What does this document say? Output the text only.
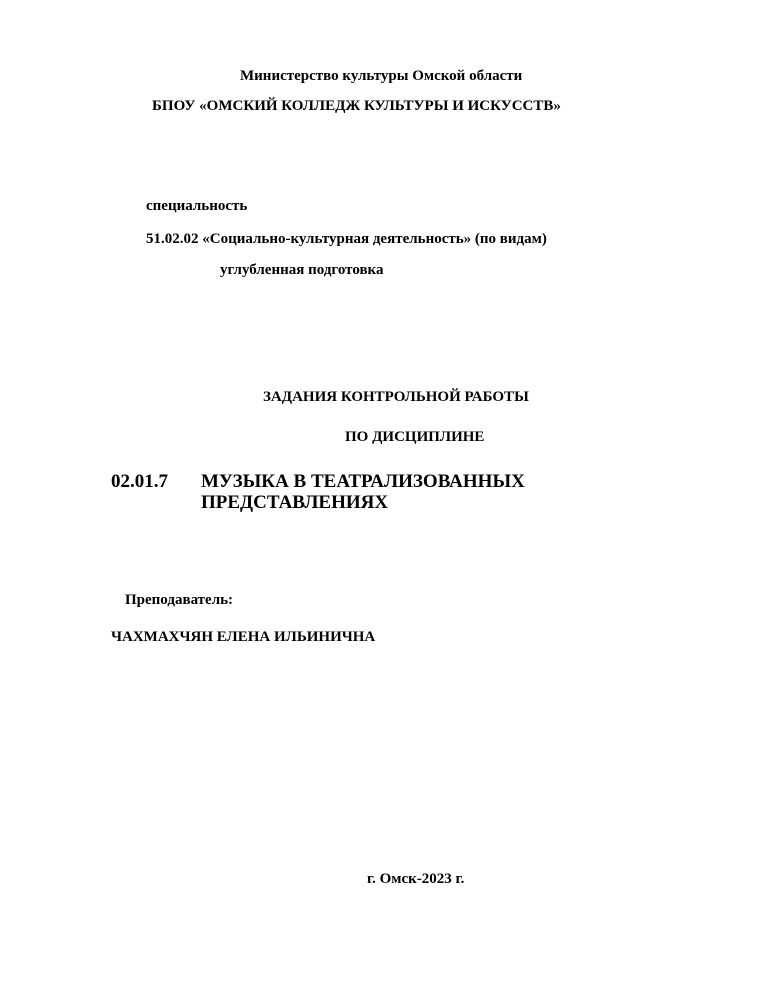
Министерство культуры Омской области
БПОУ «ОМСКИЙ КОЛЛЕДЖ КУЛЬТУРЫ И ИСКУССТВ»
специальность
51.02.02 «Социально-культурная деятельность» (по видам)
углубленная подготовка
ЗАДАНИЯ КОНТРОЛЬНОЙ РАБОТЫ
ПО ДИСЦИПЛИНЕ
02.01.7 МУЗЫКА В ТЕАТРАЛИЗОВАННЫХ
ПРЕДСТАВЛЕНИЯХ
Преподаватель:
ЧАХМАХЧЯН ЕЛЕНА ИЛЬИНИЧНА
г. Омск-2023 г.
